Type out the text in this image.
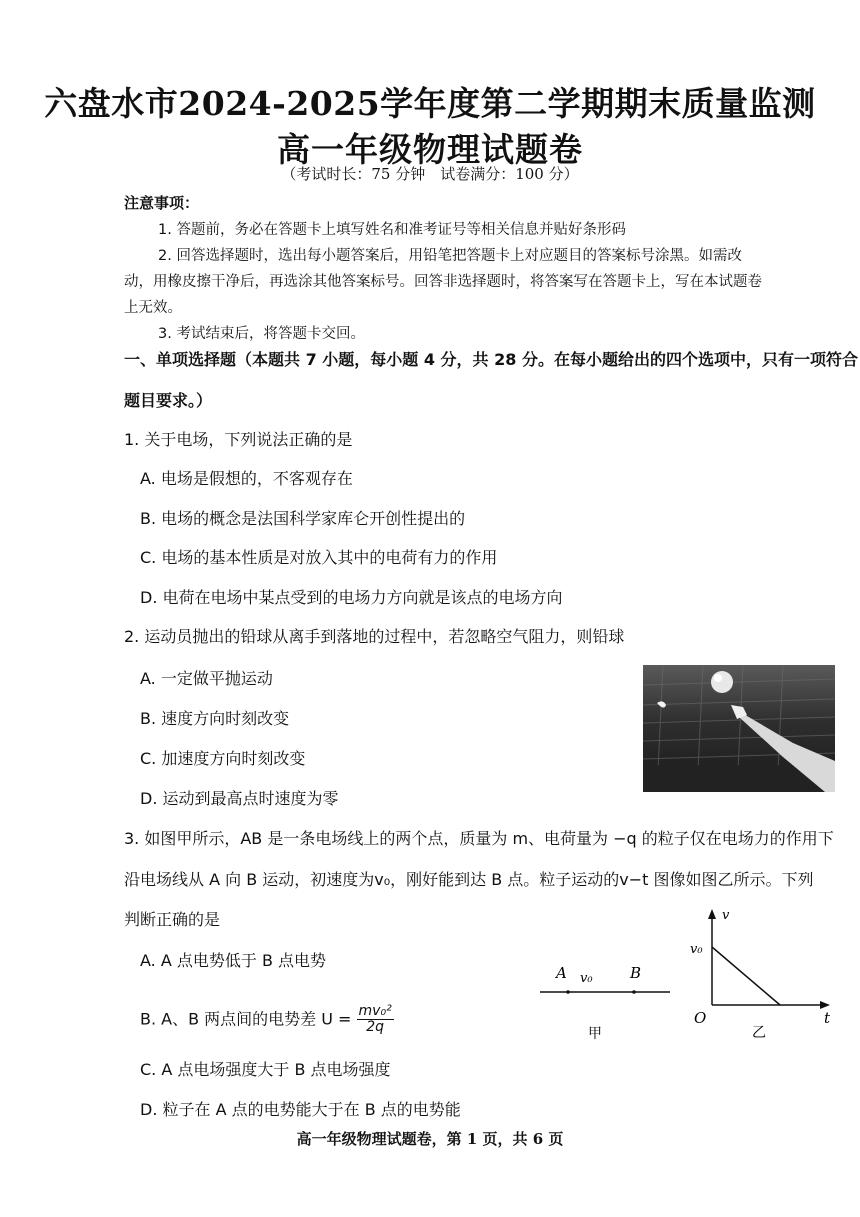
六盘水市2024-2025学年度第二学期期末质量监测
高一年级物理试题卷
（考试时长：75 分钟　试卷满分：100 分）
注意事项：
1. 答题前，务必在答题卡上填写姓名和准考证号等相关信息并贴好条形码
2. 回答选择题时，选出每小题答案后，用铅笔把答题卡上对应题目的答案标号涂黑。如需改
动，用橡皮擦干净后，再选涂其他答案标号。回答非选择题时，将答案写在答题卡上，写在本试题卷
上无效。
3. 考试结束后，将答题卡交回。
一、单项选择题（本题共 7 小题，每小题 4 分，共 28 分。在每小题给出的四个选项中，只有一项符合
题目要求。）
1. 关于电场，下列说法正确的是
A. 电场是假想的，不客观存在
B. 电场的概念是法国科学家库仑开创性提出的
C. 电场的基本性质是对放入其中的电荷有力的作用
D. 电荷在电场中某点受到的电场力方向就是该点的电场方向
2. 运动员抛出的铅球从离手到落地的过程中，若忽略空气阻力，则铅球
A. 一定做平抛运动
B. 速度方向时刻改变
C. 加速度方向时刻改变
D. 运动到最高点时速度为零
3. 如图甲所示，AB 是一条电场线上的两个点，质量为 m、电荷量为 −q 的粒子仅在电场力的作用下
沿电场线从 A 向 B 运动，初速度为v₀，刚好能到达 B 点。粒子运动的v−t 图像如图乙所示。下列
判断正确的是
A. A 点电势低于 B 点电势
B. A、B 两点间的电势差 $U = \frac{\text{mv₀²}}{2q}$
C. A 点电场强度大于 B 点电场强度
D. 粒子在 A 点的电势能大于在 B 点的电势能
A v₀ B
甲
v
t
O
v₀
乙
高一年级物理试题卷，第 1 页，共 6 页
